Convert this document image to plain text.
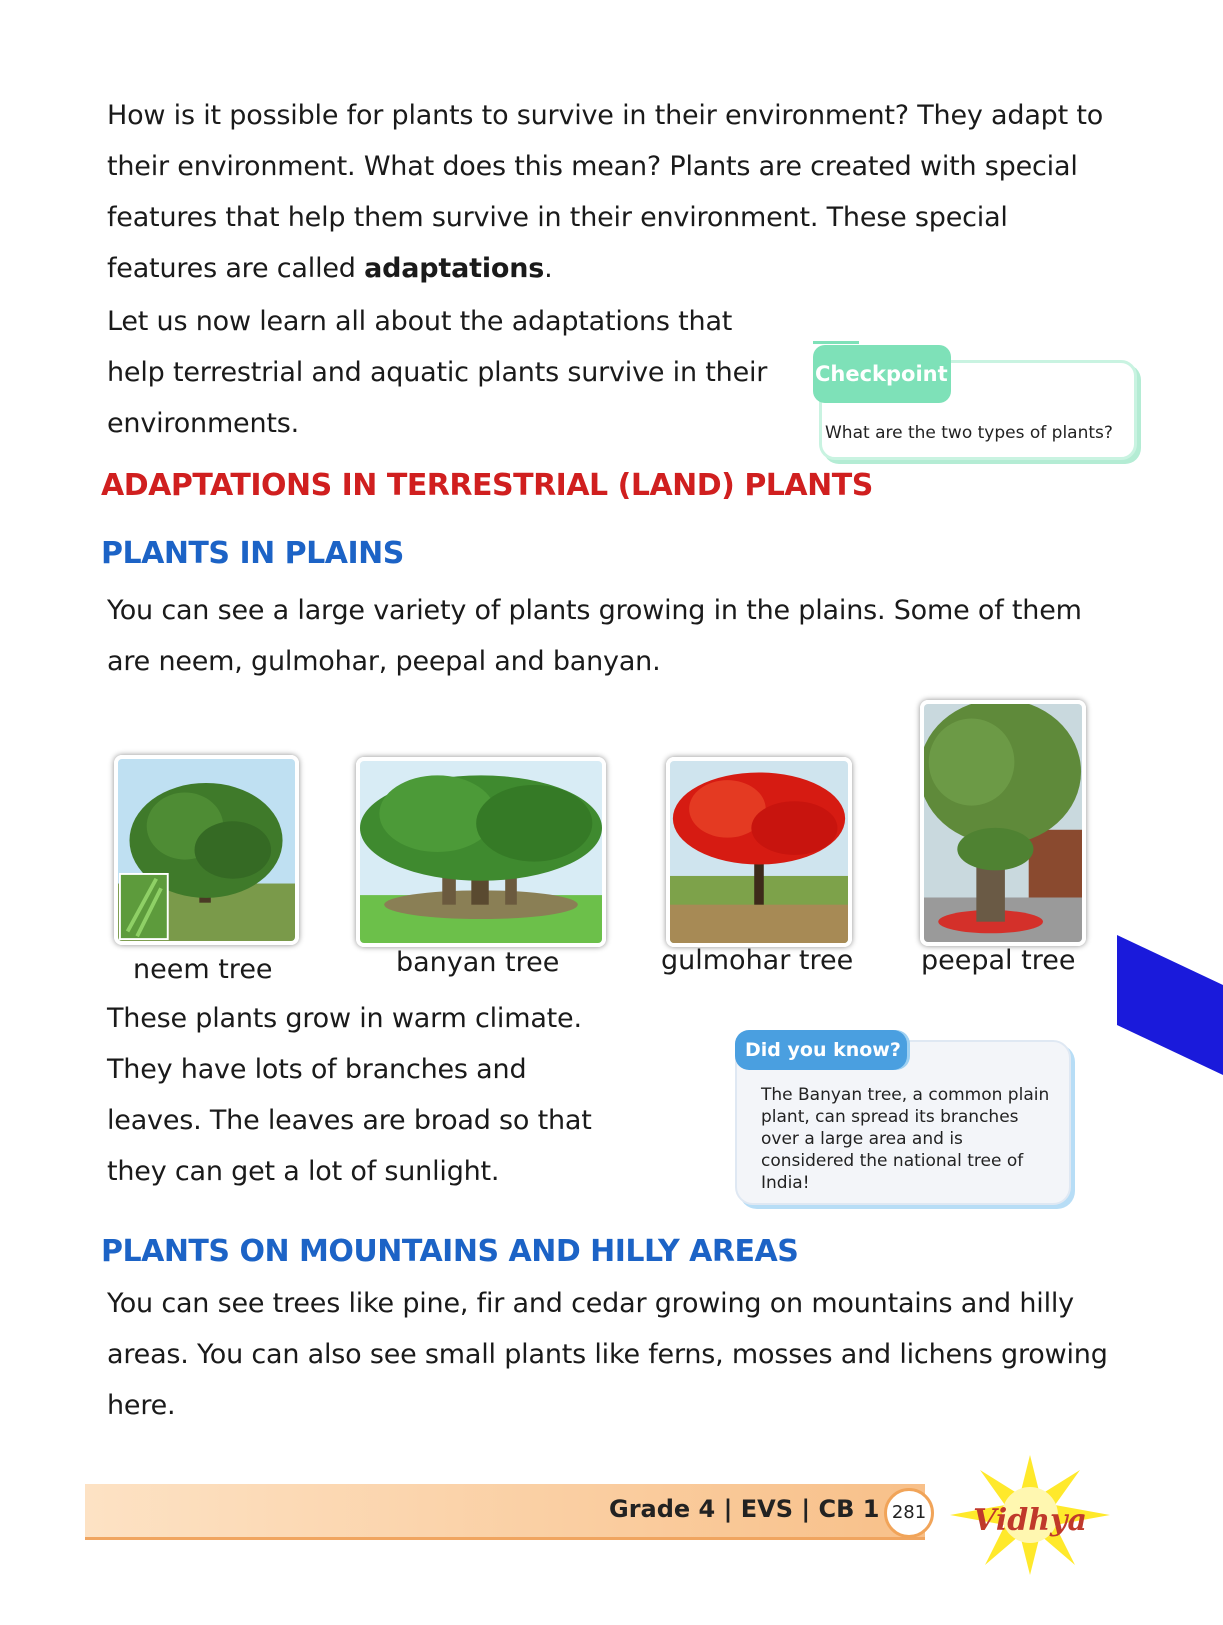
How is it possible for plants to survive in their environment? They adapt to their environment. What does this mean? Plants are created with special features that help them survive in their environment. These special features are called adaptations.
Let us now learn all about the adaptations that
help terrestrial and aquatic plants survive in their
environments.
Checkpoint
What are the two types of plants?
ADAPTATIONS IN TERRESTRIAL (LAND) PLANTS
PLANTS IN PLAINS
You can see a large variety of plants growing in the plains. Some of them are neem, gulmohar, peepal and banyan.
neem tree	banyan tree	gulmohar tree	peepal tree
These plants grow in warm climate.
They have lots of branches and
leaves. The leaves are broad so that
they can get a lot of sunlight.
Did you know?
The Banyan tree, a common plain plant, can spread its branches over a large area and is considered the national tree of India!
PLANTS ON MOUNTAINS AND HILLY AREAS
You can see trees like pine, fir and cedar growing on mountains and hilly areas. You can also see small plants like ferns, mosses and lichens growing here.
Grade 4 | EVS | CB 1 281 Vidhya
